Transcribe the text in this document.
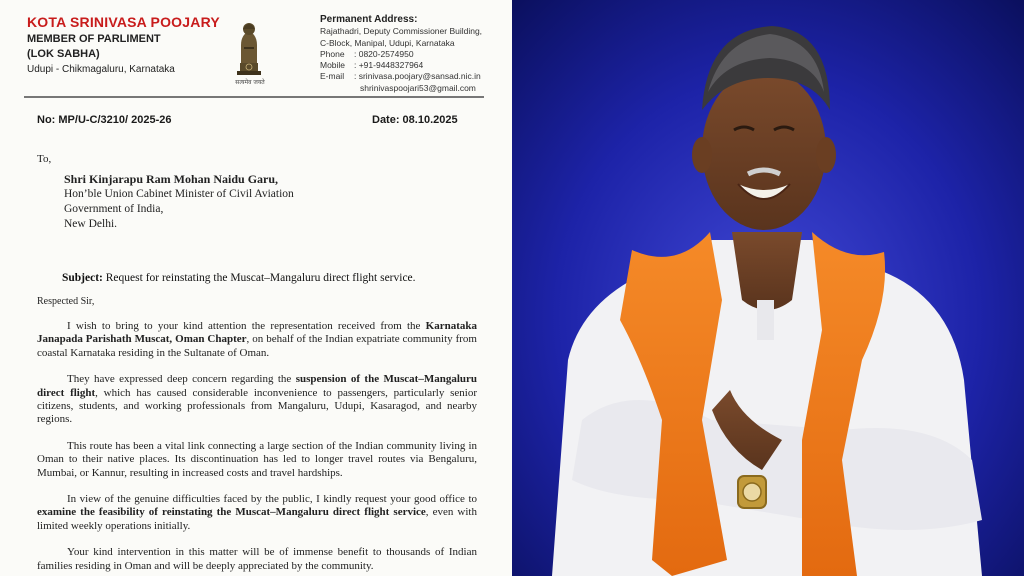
KOTA SRINIVASA POOJARY
MEMBER OF PARLIMENT
(LOK SABHA)
Udupi - Chikmagaluru, Karnataka
सत्यमेव जयते
Permanent Address:
Rajathadri, Deputy Commissioner Building,
C-Block, Manipal, Udupi, Karnataka
Phone	: 0820-2574950
Mobile	: +91-9448327964
E-mail	: srinivasa.poojary@sansad.nic.in
shrinivaspoojari53@gmail.com
No: MP/U-C/3210/ 2025-26	Date: 08.10.2025
To,
Shri Kinjarapu Ram Mohan Naidu Garu,
Hon’ble Union Cabinet Minister of Civil Aviation
Government of India,
New Delhi.
Subject: Request for reinstating the Muscat–Mangaluru direct flight service.
Respected Sir,

I wish to bring to your kind attention the representation received from the Karnataka Janapada Parishath Muscat, Oman Chapter, on behalf of the Indian expatriate community from coastal Karnataka residing in the Sultanate of Oman.

They have expressed deep concern regarding the suspension of the Muscat–Mangaluru direct flight, which has caused considerable inconvenience to passengers, particularly senior citizens, students, and working professionals from Mangaluru, Udupi, Kasaragod, and nearby regions.

This route has been a vital link connecting a large section of the Indian community living in Oman to their native places. Its discontinuation has led to longer travel routes via Bengaluru, Mumbai, or Kannur, resulting in increased costs and travel hardships.

In view of the genuine difficulties faced by the public, I kindly request your good office to examine the feasibility of reinstating the Muscat–Mangaluru direct flight service, even with limited weekly operations initially.

Your kind intervention in this matter will be of immense benefit to thousands of Indian families residing in Oman and will be deeply appreciated by the community.
